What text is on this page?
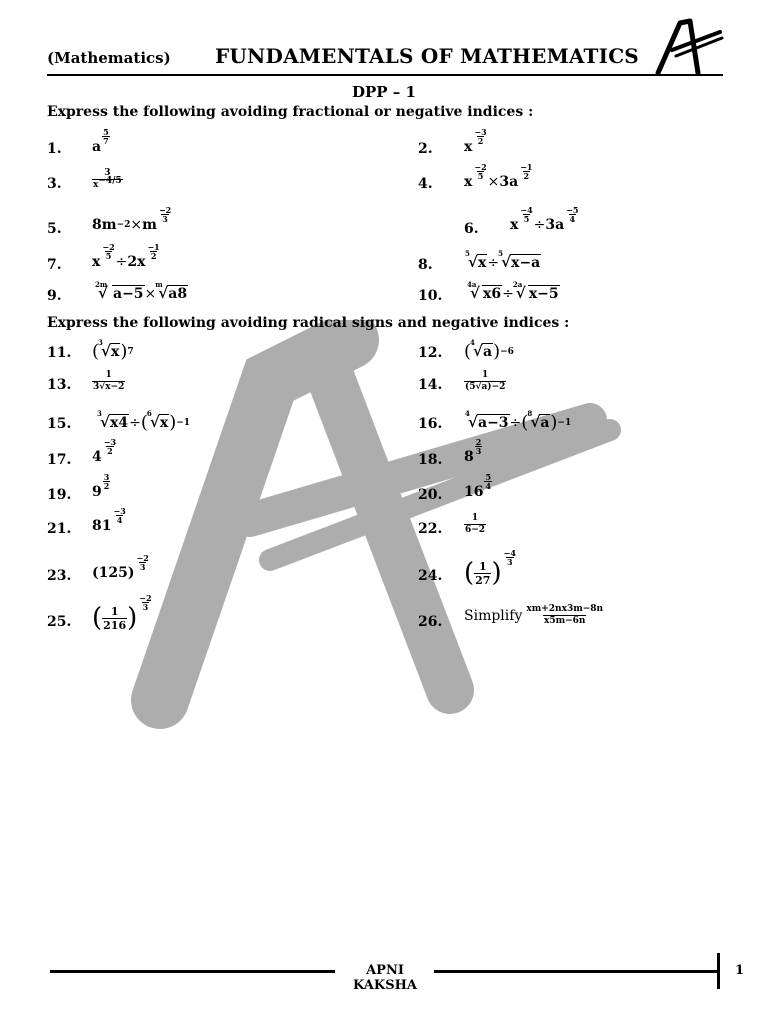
(Mathematics) FUNDAMENTALS OF MATHEMATICS
DPP – 1
Express the following avoiding fractional or negative indices :
1.	a
5
7	2.	x
−3
2
3.
3
$x^{-4/5}$	4.	x
$\frac{-2}{5}$
× 3a
−1
2
5.	8m −2 × m
−2
3
6.	x
$\frac{-4}{5}$
÷ 3a
−5
4
7.	x
$\frac{-2}{5}$
÷ 2x
−1
2
8.
√ 5
x ÷
√ 5
x−a
9.
√ 2m
a−5 ×
√ m
a8	10.
√ 4a
x6 ÷
√ 2a
x−5
Express the following avoiding radical signs and negative indices :
11.	( √ 3
x ) 7	12.	( √ 4
a ) −6
13.
1
3√x−2	14.
1
(5√a)−2
15.
√ 3
x4 ÷ ( √ 6
x ) −1	16.
√ 4
a−3 ÷ ( √ 8
a ) −1
17.	4
−3
2
18.	8
2
3
19.	9
3
2
20.	16
5
4
21.	81
−3
4
22.
1
6−2
23.	(125)
−2
3
24. ( 1
27 )
−4
3
25. ( 1
216 )
−2
3
26.	Simplify xm+2nx3m−8n
x5m−6n
APNI KAKSHA
1
